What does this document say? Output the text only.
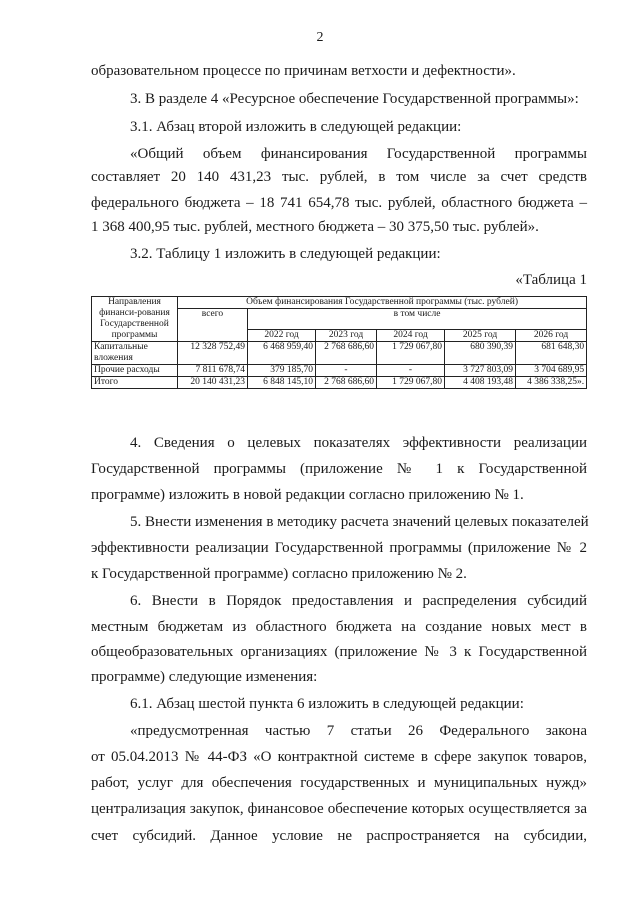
2
образовательном процессе по причинам ветхости и дефектности».
3. В разделе 4 «Ресурсное обеспечение Государственной программы»:
3.1. Абзац второй изложить в следующей редакции:
«Общий объем финансирования Государственной программы
составляет 20 140 431,23 тыс. рублей, в том числе за счет средств
федерального бюджета – 18 741 654,78 тыс. рублей, областного бюджета –
1 368 400,95 тыс. рублей, местного бюджета – 30 375,50 тыс. рублей».
3.2. Таблицу 1 изложить в следующей редакции:
«Таблица 1
Направления финанси-рования Государственной программы	Объем финансирования Государственной программы (тыс. рублей)					
	всего	в том числе				
		2022 год	2023 год	2024 год	2025 год	2026 год
Капитальные вложения	12 328 752,49	6 468 959,40	2 768 686,60	1 729 067,80	680 390,39	681 648,30
Прочие расходы	7 811 678,74	379 185,70	-	-	3 727 803,09	3 704 689,95
Итого	20 140 431,23	6 848 145,10	2 768 686,60	1 729 067,80	4 408 193,48	4 386 338,25».
4. Сведения о целевых показателях эффективности реализации
Государственной программы (приложение № 1 к Государственной
программе) изложить в новой редакции согласно приложению № 1.
5. Внести изменения в методику расчета значений целевых показателей
эффективности реализации Государственной программы (приложение № 2
к Государственной программе) согласно приложению № 2.
6. Внести в Порядок предоставления и распределения субсидий
местным бюджетам из областного бюджета на создание новых мест в
общеобразовательных организациях (приложение № 3 к Государственной
программе) следующие изменения:
6.1. Абзац шестой пункта 6 изложить в следующей редакции:
«предусмотренная частью 7 статьи 26 Федерального закона
от 05.04.2013 № 44-ФЗ «О контрактной системе в сфере закупок товаров,
работ, услуг для обеспечения государственных и муниципальных нужд»
централизация закупок, финансовое обеспечение которых осуществляется за
счет субсидий. Данное условие не распространяется на субсидии,
